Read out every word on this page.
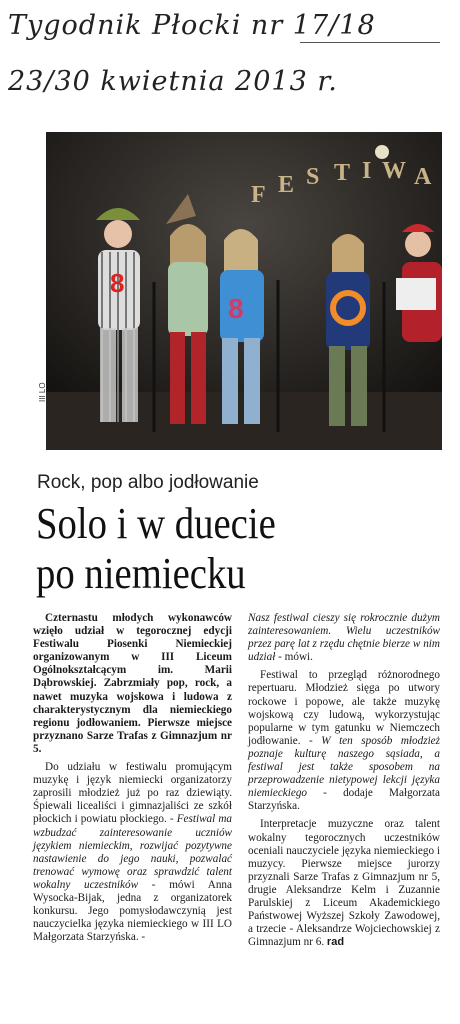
Tygodnik Płocki nr 17/18
23/30 kwietnia 2013 r.
F E S T I W A
8
8
III LO
Rock, pop albo jodłowanie
Solo i w duecie
po niemiecku

Czternastu młodych wykonawców wzięło udział w tegorocznej edycji Festiwalu Piosenki Niemieckiej organizowanym w III Liceum Ogólnokształcącym im. Marii Dąbrowskiej. Zabrzmiały pop, rock, a nawet muzyka wojskowa i ludowa z charakterystycznym dla niemieckiego regionu jodłowaniem. Pierwsze miejsce przyznano Sarze Trafas z Gimnazjum nr 5.

Do udziału w festiwalu promującym muzykę i język niemiecki organizatorzy zaprosili młodzież już po raz dziewiąty. Śpiewali licealiści i gimnazjaliści ze szkół płockich i powiatu płockiego. - Festiwal ma wzbudzać zainteresowanie uczniów językiem niemieckim, rozwijać pozytywne nastawienie do jego nauki, pozwalać trenować wymowę oraz sprawdzić talent wokalny uczestników - mówi Anna Wysocka-Bijak, jedna z organizatorek konkursu. Jego pomysłodawczynią jest nauczycielka języka niemieckiego w III LO Małgorzata Starzyńska. -

Nasz festiwal cieszy się rokrocznie dużym zainteresowaniem. Wielu uczestników przez parę lat z rzędu chętnie bierze w nim udział - mówi.

Festiwal to przegląd różnorodnego repertuaru. Młodzież sięga po utwory rockowe i popowe, ale także muzykę wojskową czy ludową, wykorzystując popularne w tym gatunku w Niemczech jodłowanie. - W ten sposób młodzież poznaje kulturę naszego sąsiada, a festiwal jest także sposobem na przeprowadzenie nietypowej lekcji języka niemieckiego - dodaje Małgorzata Starzyńska.

Interpretacje muzyczne oraz talent wokalny tegorocznych uczestników oceniali nauczyciele języka niemieckiego i muzycy. Pierwsze miejsce jurorzy przyznali Sarze Trafas z Gimnazjum nr 5, drugie Aleksandrze Kelm i Zuzannie Parulskiej z Liceum Akademickiego Państwowej Wyższej Szkoły Zawodowej, a trzecie - Aleksandrze Wojciechowskiej z Gimnazjum nr 6. rad
